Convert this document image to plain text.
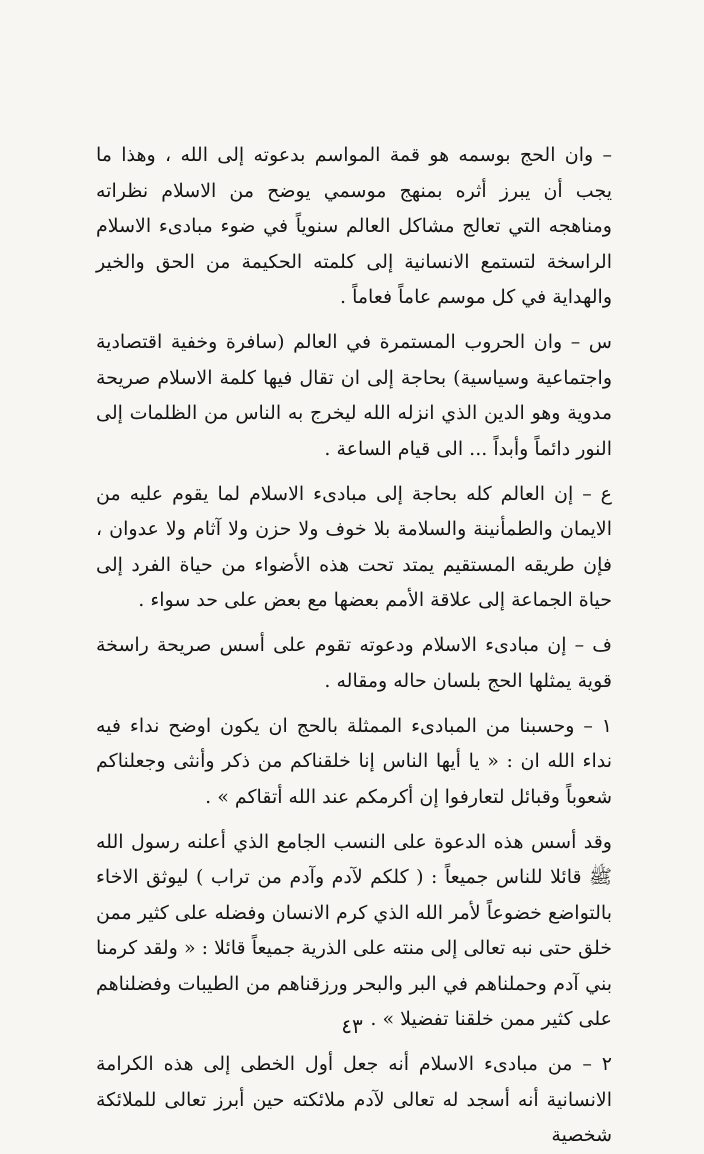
– وان الحج بوسمه هو قمة المواسم بدعوته إلى الله ، وهذا ما يجب أن يبرز أثره بمنهج موسمي يوضح من الاسلام نظراته ومناهجه التي تعالج مشاكل العالم سنوياً في ضوء مبادىء الاسلام الراسخة لتستمع الانسانية إلى كلمته الحكيمة من الحق والخير والهداية في كل موسم عاماً فعاماً .

س – وان الحروب المستمرة في العالم (سافرة وخفية اقتصادية واجتماعية وسياسية) بحاجة إلى ان تقال فيها كلمة الاسلام صريحة مدوية وهو الدين الذي انزله الله ليخرج به الناس من الظلمات إلى النور دائماً وأبداً ... الى قيام الساعة .

ع – إن العالم كله بحاجة إلى مبادىء الاسلام لما يقوم عليه من الايمان والطمأنينة والسلامة بلا خوف ولا حزن ولا آثام ولا عدوان ، فإن طريقه المستقيم يمتد تحت هذه الأضواء من حياة الفرد إلى حياة الجماعة إلى علاقة الأمم بعضها مع بعض على حد سواء .

ف – إن مبادىء الاسلام ودعوته تقوم على أسس صريحة راسخة قوية يمثلها الحج بلسان حاله ومقاله .

١ – وحسبنا من المبادىء الممثلة بالحج ان يكون اوضح نداء فيه نداء الله ان : « يا أيها الناس إنا خلقناكم من ذكر وأنثى وجعلناكم شعوباً وقبائل لتعارفوا إن أكرمكم عند الله أتقاكم » .

وقد أسس هذه الدعوة على النسب الجامع الذي أعلنه رسول الله ﷺ قائلا للناس جميعاً : ( كلكم لآدم وآدم من تراب ) ليوثق الاخاء بالتواضع خضوعاً لأمر الله الذي كرم الانسان وفضله على كثير ممن خلق حتى نبه تعالى إلى منته على الذرية جميعاً قائلا : « ولقد كرمنا بني آدم وحملناهم في البر والبحر ورزقناهم من الطيبات وفضلناهم على كثير ممن خلقنا تفضيلا » .

٢ – من مبادىء الاسلام أنه جعل أول الخطى إلى هذه الكرامة الانسانية أنه أسجد له تعالى لآدم ملائكته حين أبرز تعالى للملائكة شخصية

٤٣
